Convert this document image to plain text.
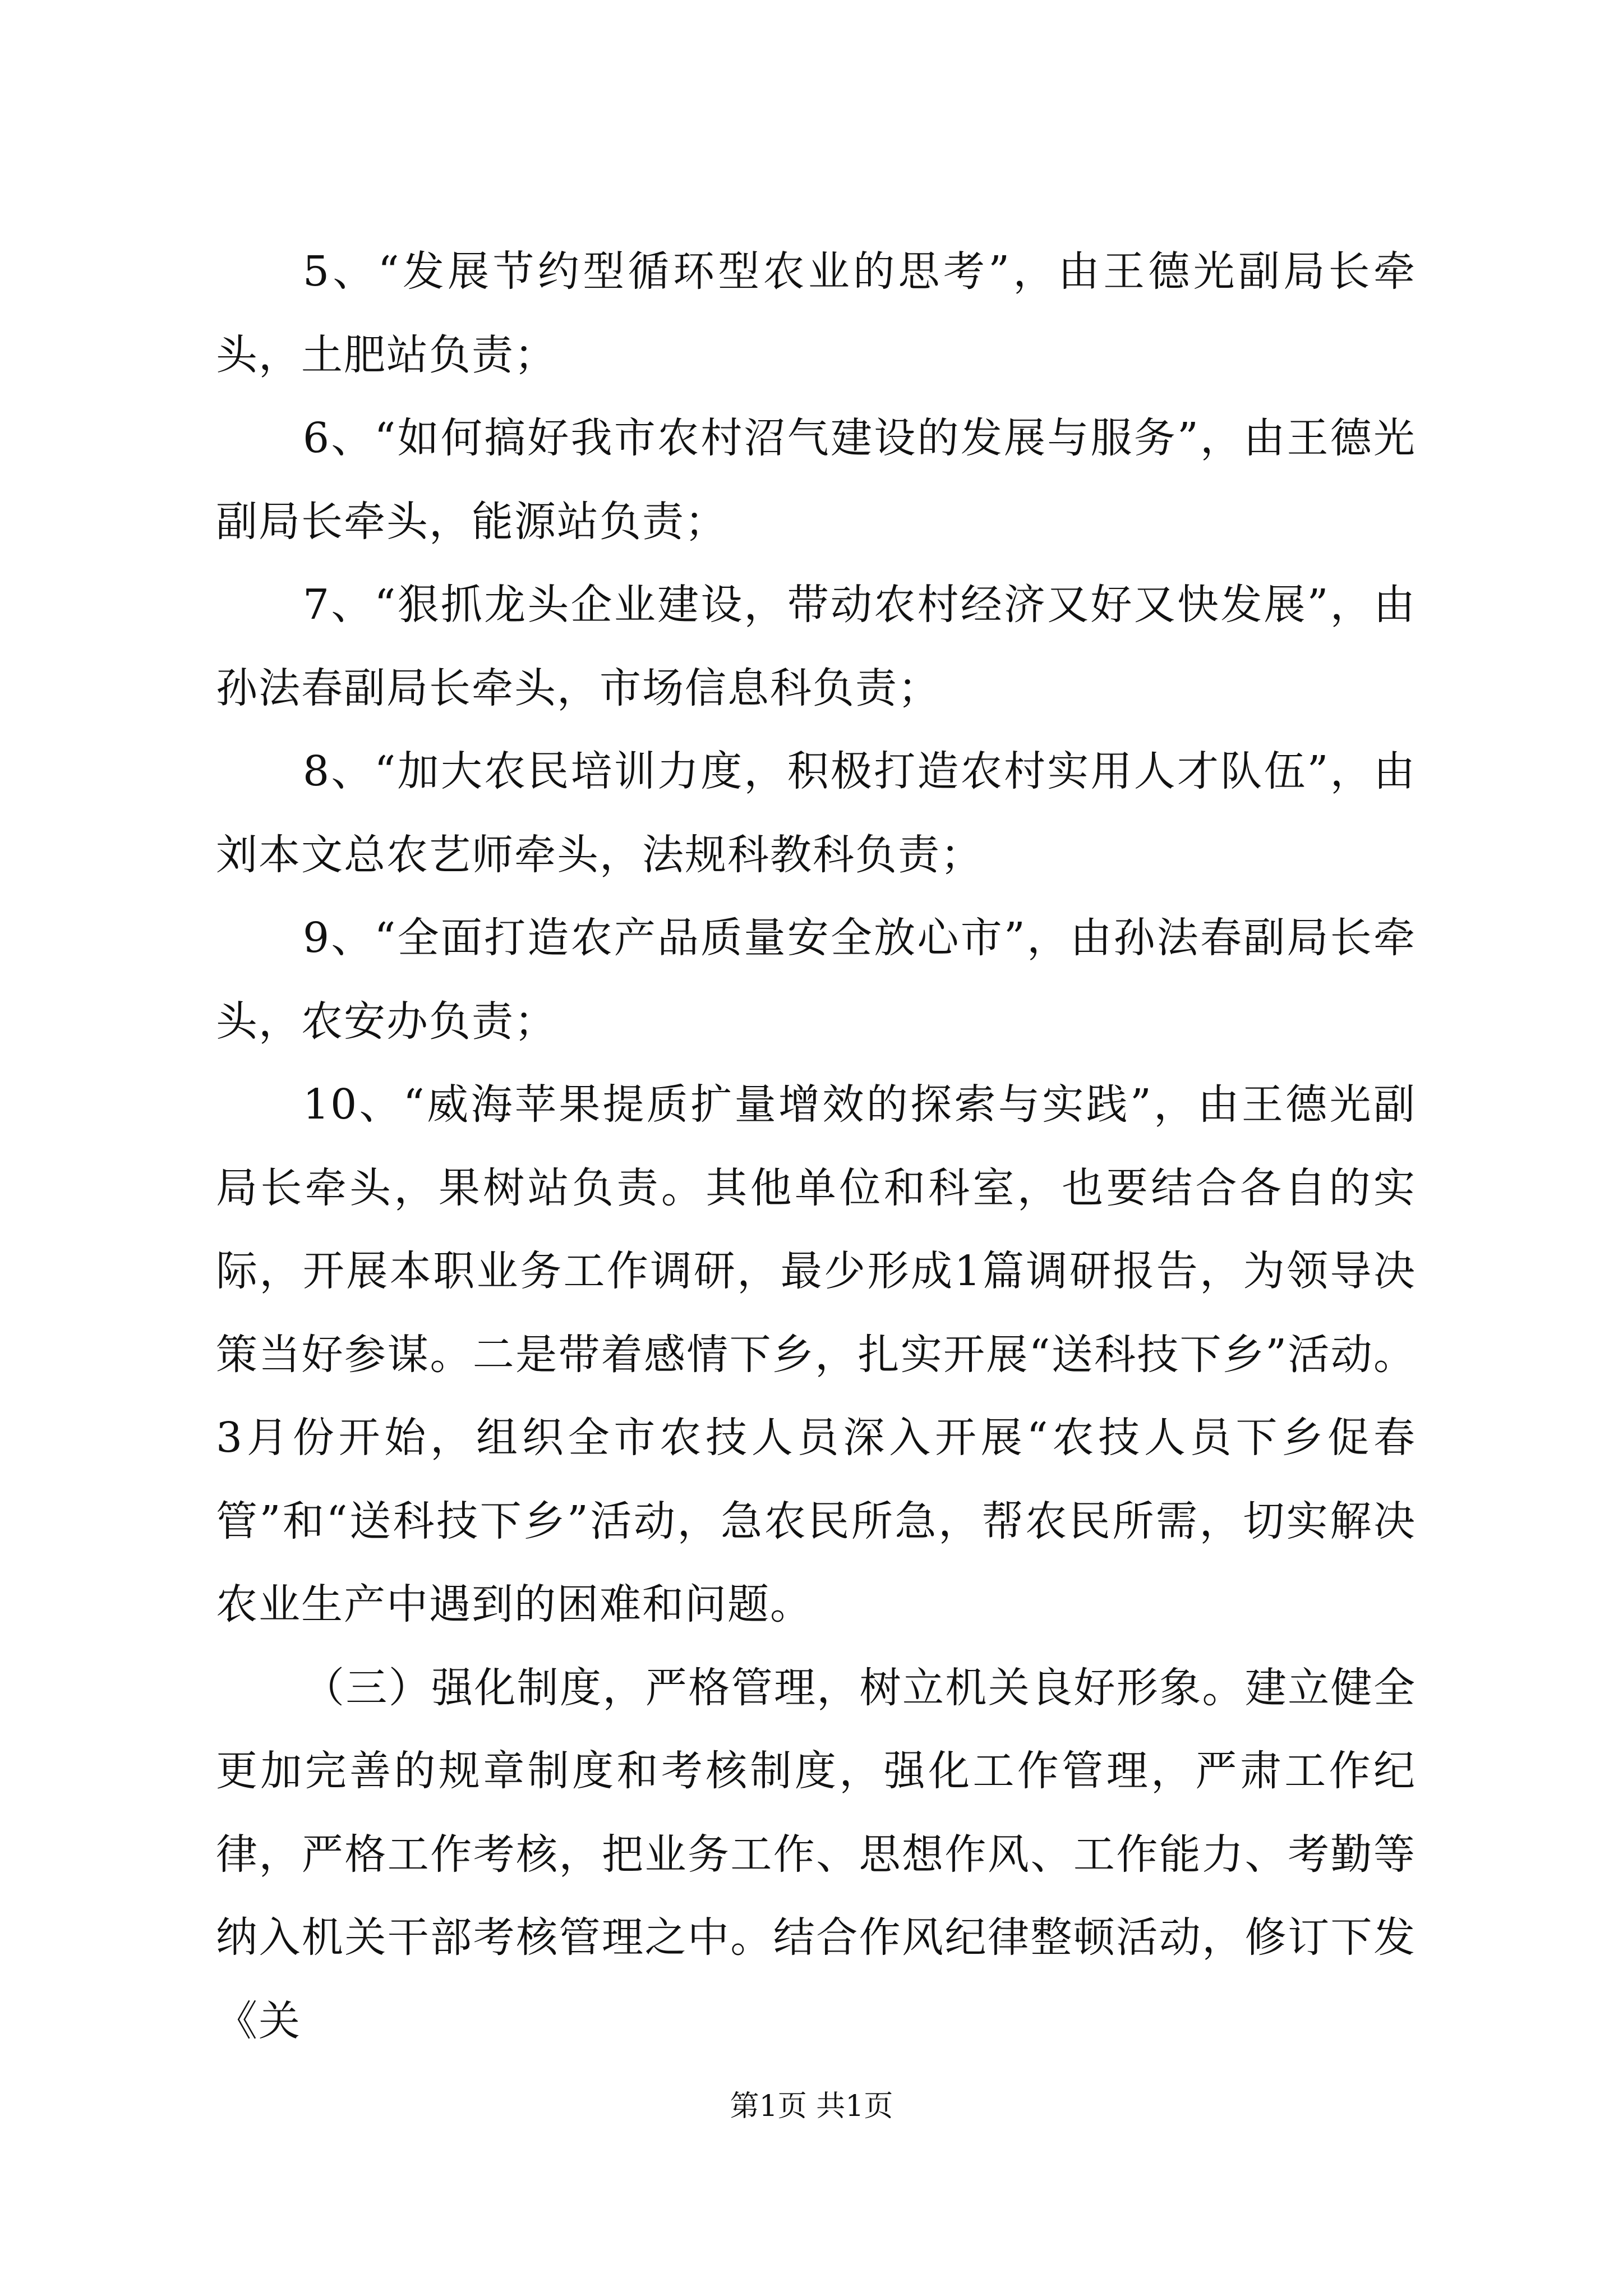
5、“发展节约型循环型农业的思考”，由王德光副局长牵头，土肥站负责；

6、“如何搞好我市农村沼气建设的发展与服务”，由王德光副局长牵头，能源站负责；

7、“狠抓龙头企业建设，带动农村经济又好又快发展”，由孙法春副局长牵头，市场信息科负责；

8、“加大农民培训力度，积极打造农村实用人才队伍”，由刘本文总农艺师牵头，法规科教科负责；

9、“全面打造农产品质量安全放心市”，由孙法春副局长牵头，农安办负责；

10、“威海苹果提质扩量增效的探索与实践”，由王德光副局长牵头，果树站负责。其他单位和科室，也要结合各自的实际，开展本职业务工作调研，最少形成1篇调研报告，为领导决策当好参谋。二是带着感情下乡，扎实开展“送科技下乡”活动。3月份开始，组织全市农技人员深入开展“农技人员下乡促春管”和“送科技下乡”活动，急农民所急，帮农民所需，切实解决农业生产中遇到的困难和问题。

（三）强化制度，严格管理，树立机关良好形象。建立健全更加完善的规章制度和考核制度，强化工作管理，严肃工作纪律，严格工作考核，把业务工作、思想作风、工作能力、考勤等纳入机关干部考核管理之中。结合作风纪律整顿活动，修订下发《关

第1页 共1页
